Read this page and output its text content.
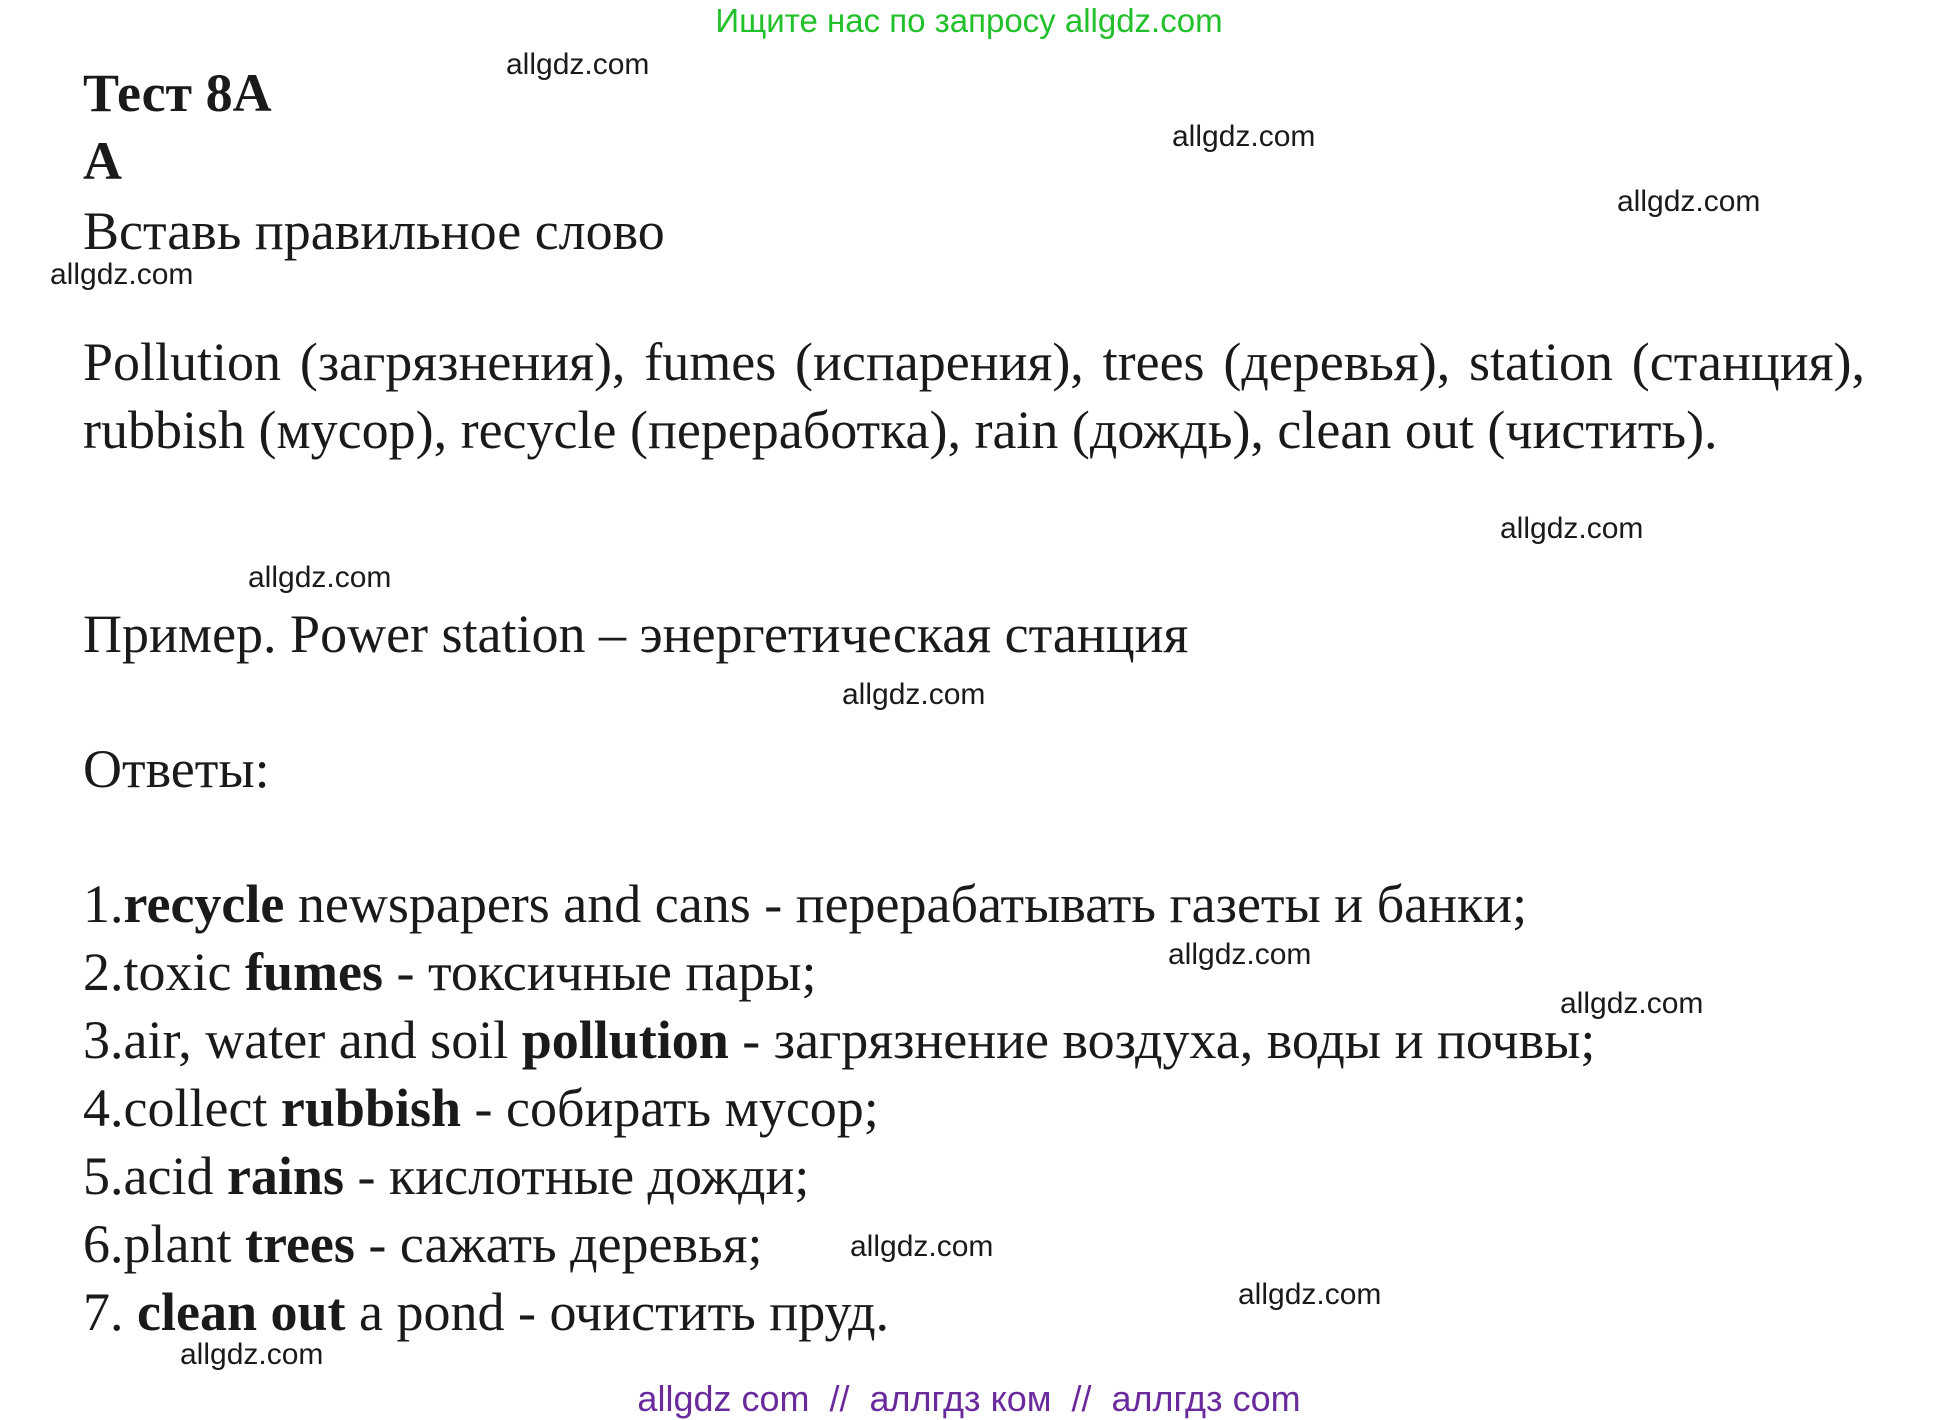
Ищите нас по запросу allgdz.com
Тест 8А
А
Вставь правильное слово
Pollution (загрязнения), fumes (испарения), trees (деревья), station (станция), rubbish (мусор), recycle (переработка), rain (дождь), clean out (чистить).
Пример. Power station – энергетическая станция
Ответы:
1.recycle newspapers and cans - перерабатывать газеты и банки;
2.toxic fumes - токсичные пары;
3.air, water and soil pollution - загрязнение воздуха, воды и почвы;
4.collect rubbish - собирать мусор;
5.acid rains - кислотные дожди;
6.plant trees - сажать деревья;
7. clean out a pond - очистить пруд.
allgdz.com
allgdz.com
allgdz.com
allgdz.com
allgdz.com
allgdz.com
allgdz.com
allgdz.com
allgdz.com
allgdz.com
allgdz.com
allgdz.com
allgdz com  //  аллгдз ком  //  аллгдз com
